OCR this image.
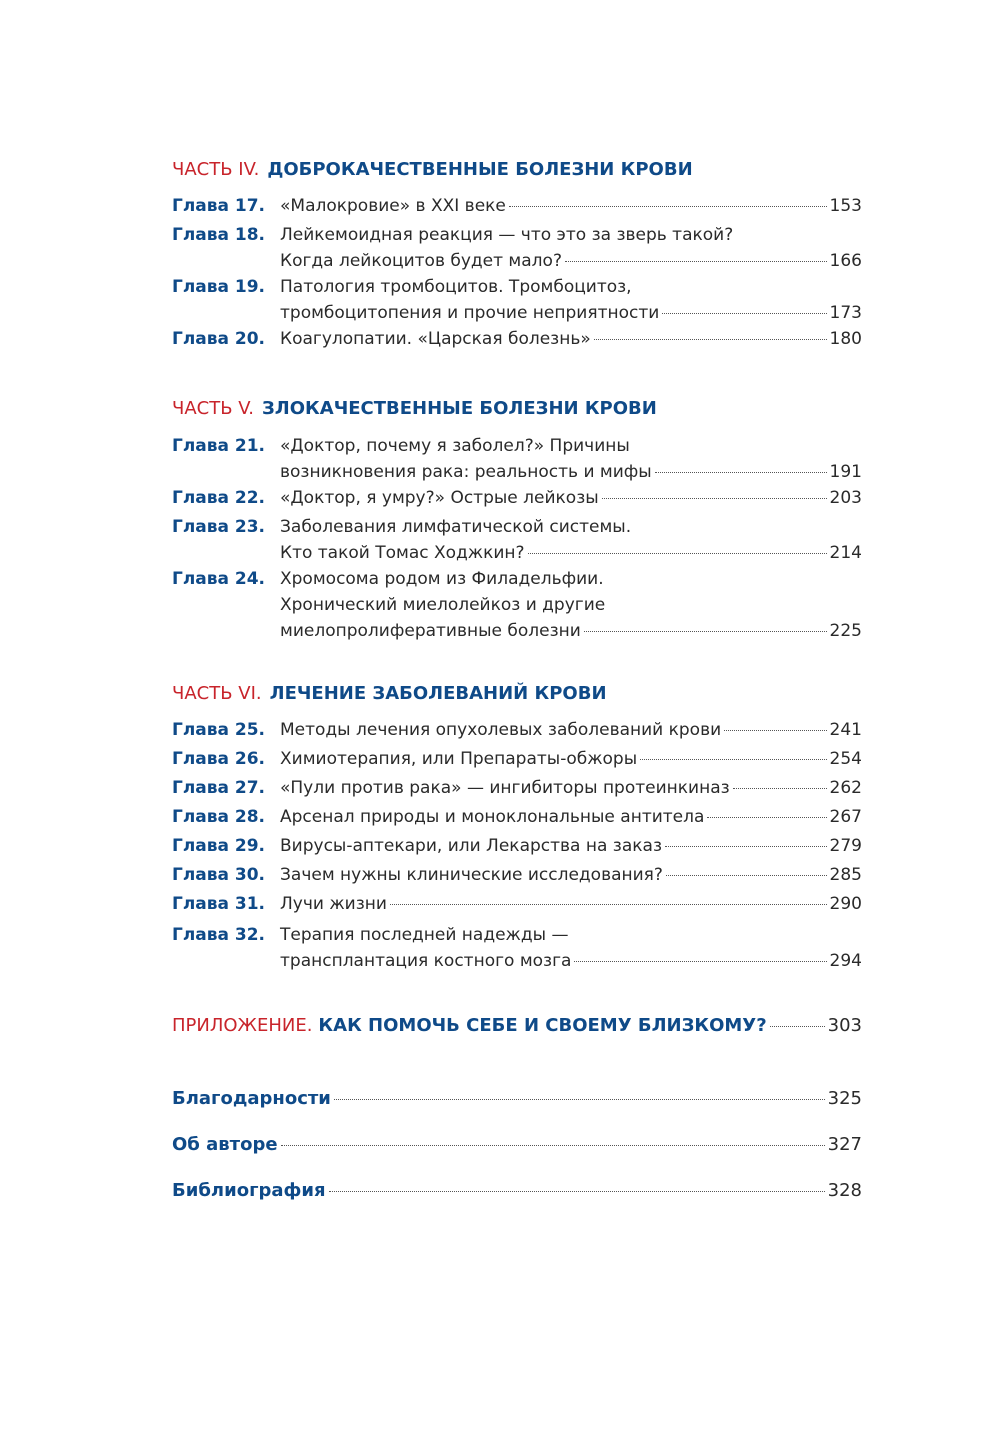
ЧАСТЬ IV. ДОБРОКАЧЕСТВЕННЫЕ БОЛЕЗНИ КРОВИ
Глава 17. «Малокровие» в XXI веке	153
Глава 18. Лейкемоидная реакция — что это за зверь такой?
Когда лейкоцитов будет мало?	166
Глава 19. Патология тромбоцитов. Тромбоцитоз,
тромбоцитопения и прочие неприятности	173
Глава 20. Коагулопатии. «Царская болезнь»	180
ЧАСТЬ V. ЗЛОКАЧЕСТВЕННЫЕ БОЛЕЗНИ КРОВИ
Глава 21. «Доктор, почему я заболел?» Причины
возникновения рака: реальность и мифы	191
Глава 22. «Доктор, я умру?» Острые лейкозы	203
Глава 23. Заболевания лимфатической системы.
Кто такой Томас Ходжкин?	214
Глава 24. Хромосома родом из Филадельфии.
Хронический миелолейкоз и другие
миелопролиферативные болезни	225
ЧАСТЬ VI. ЛЕЧЕНИЕ ЗАБОЛЕВАНИЙ КРОВИ
Глава 25. Методы лечения опухолевых заболеваний крови	241
Глава 26. Химиотерапия, или Препараты-обжоры	254
Глава 27. «Пули против рака» — ингибиторы протеинкиназ	262
Глава 28. Арсенал природы и моноклональные антитела	267
Глава 29. Вирусы-аптекари, или Лекарства на заказ	279
Глава 30. Зачем нужны клинические исследования?	285
Глава 31. Лучи жизни	290
Глава 32. Терапия последней надежды —
трансплантация костного мозга	294
ПРИЛОЖЕНИЕ. КАК ПОМОЧЬ СЕБЕ И СВОЕМУ БЛИЗКОМУ?	303
Благодарности	325
Об авторе	327
Библиография	328
